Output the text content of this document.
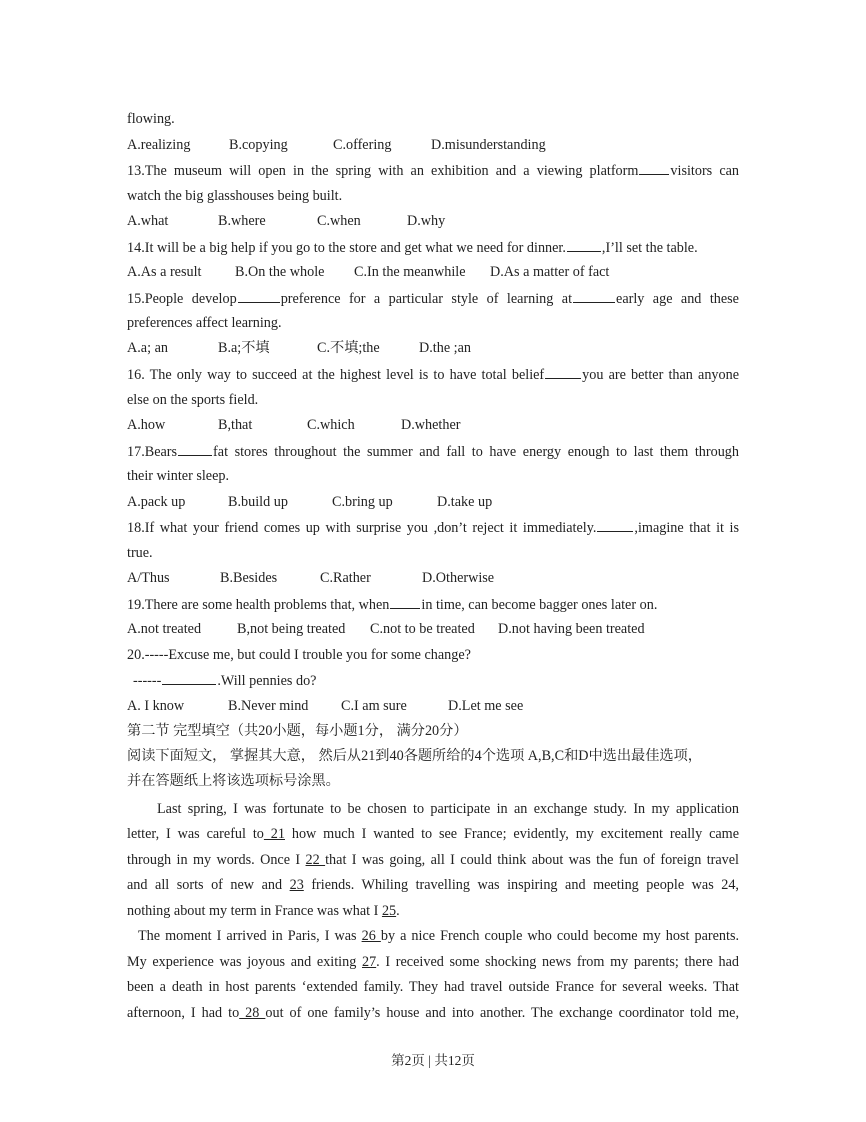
flowing.
A.realizing	B.copying	C.offering	D.misunderstanding
13.The museum will open in the spring with an exhibition and a viewing platform visitors can
watch the big glasshouses being built.
A.what	B.where	C.when	D.why
14.It will be a big help if you go to the store and get what we need for dinner.	,I’ll set the table.
A.As a result	B.On the whole	C.In the meanwhile	D.As a matter of fact
15.People develop	preference for a particular style of learning at	early age and these
preferences affect learning.
A.a; an	B.a;不填	C.不填;the	D.the ;an
16. The only way to succeed at the highest level is to have total belief	you are better than anyone
else on the sports field.
A.how	B,that	C.which	D.whether
17.Bears	fat stores throughout the summer and fall to have energy enough to last them through
their winter sleep.
A.pack up	B.build up	C.bring up	D.take up
18.If what your friend comes up with surprise you ,don’t reject it immediately.	,imagine that it is
true.
A/Thus	B.Besides	C.Rather	D.Otherwise
19.There are some health problems that, when in time, can become bagger ones later on.
A.not treated	B,not being treated	C.not to be treated	D.not having been treated
20.-----Excuse me, but could I trouble you for some change?
------	.Will pennies do?
A. I know	B.Never mind	C.I am sure	D.Let me see
第二节 完型填空（共20小题，每小题1分， 满分20分）
阅读下面短文， 掌握其大意， 然后从21到40各题所给的4个选项 A,B,C和D中选出最佳选项，
并在答题纸上将该选项标号涂黑。
Last spring, I was fortunate to be chosen to participate in an exchange study. In my application
letter, I was careful to 21 how much I wanted to see France; evidently, my excitement really came
through in my words. Once I 22 that I was going, all I could think about was the fun of foreign travel
and all sorts of new and 23 friends. Whiling travelling was inspiring and meeting people was 24,
nothing about my term in France was what I 25.
The moment I arrived in Paris, I was 26 by a nice French couple who could become my host parents.
My experience was joyous and exiting 27. I received some shocking news from my parents; there had
been a death in host parents ‘extended family. They had travel outside France for several weeks. That
afternoon, I had to 28 out of one family’s house and into another. The exchange coordinator told me,
第2页 | 共12页
